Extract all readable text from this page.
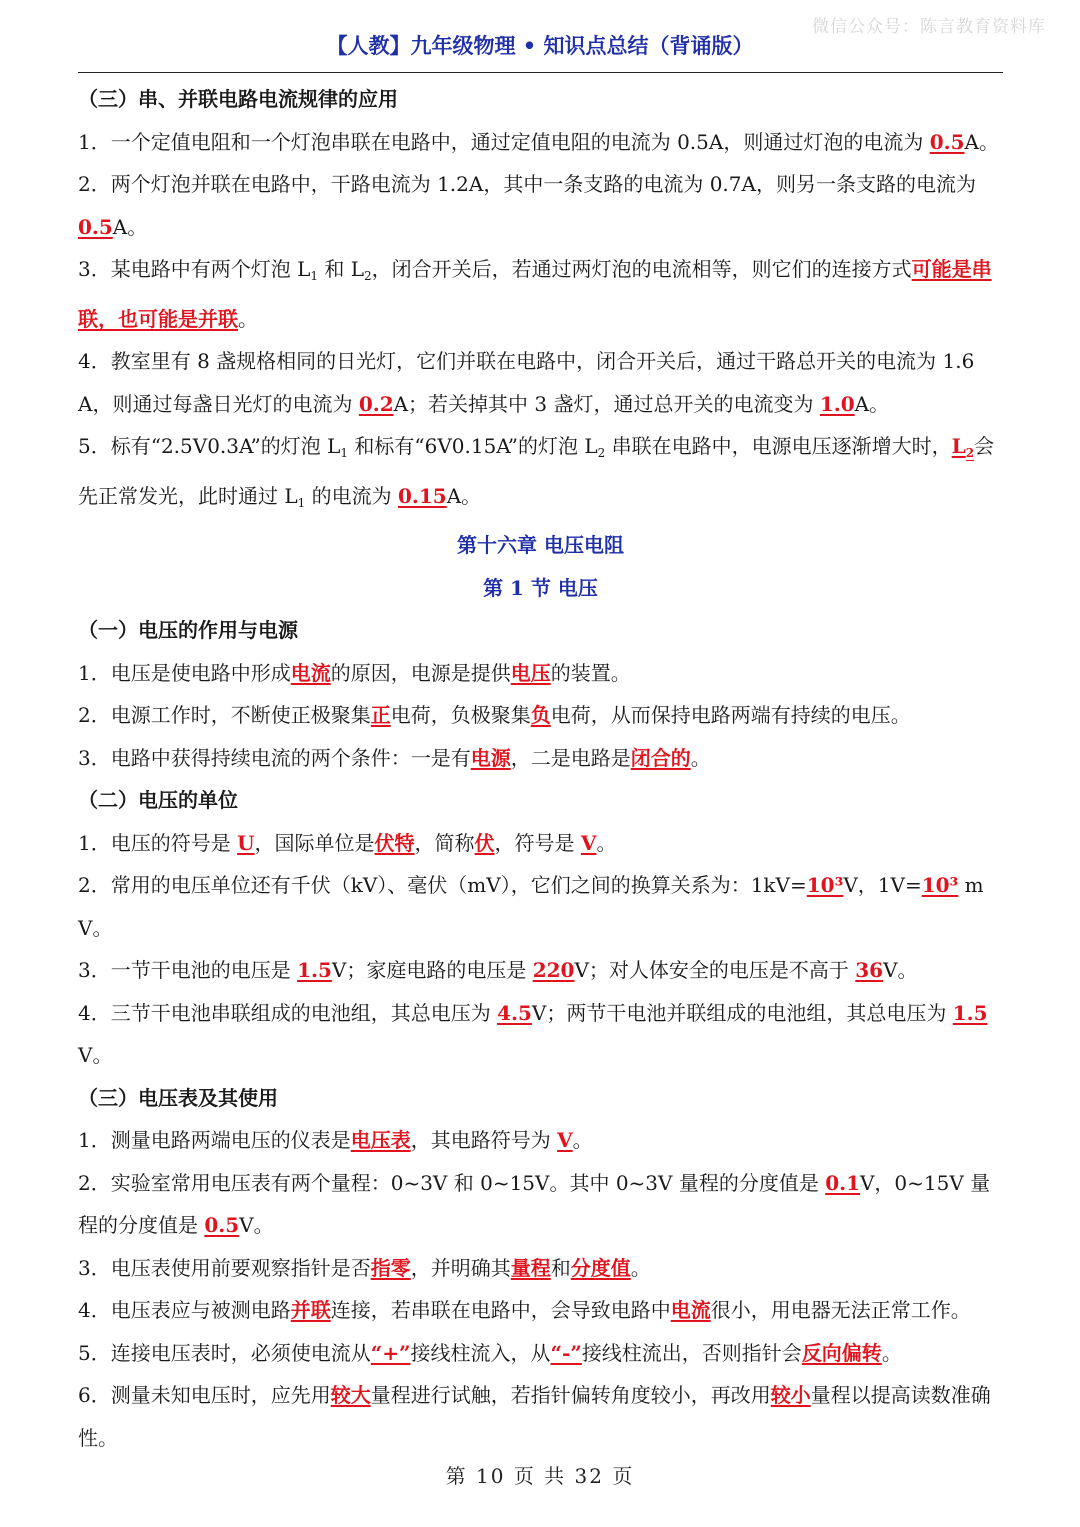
微信公众号：陈言教育资料库
【人教】九年级物理 • 知识点总结（背诵版）
（三）串、并联电路电流规律的应用
1．一个定值电阻和一个灯泡串联在电路中，通过定值电阻的电流为 0.5A，则通过灯泡的电流为 0.5A。
2．两个灯泡并联在电路中，干路电流为 1.2A，其中一条支路的电流为 0.7A，则另一条支路的电流为 0.5A。
3．某电路中有两个灯泡 $L_1$ 和 $L_2$，闭合开关后，若通过两灯泡的电流相等，则它们的连接方式可能是串联，也可能是并联。
4．教室里有 8 盏规格相同的日光灯，它们并联在电路中，闭合开关后，通过干路总开关的电流为 1.6A，则通过每盏日光灯的电流为 0.2A；若关掉其中 3 盏灯，通过总开关的电流变为 1.0A。
5．标有“2.5V0.3A”的灯泡 $L_1$ 和标有“6V0.15A”的灯泡 $L_2$ 串联在电路中，电源电压逐渐增大时，$L_2$会先正常发光，此时通过 $L_1$ 的电流为 0.15A。
第十六章 电压电阻
第 1 节 电压
（一）电压的作用与电源
1．电压是使电路中形成电流的原因，电源是提供电压的装置。
2．电源工作时，不断使正极聚集正电荷，负极聚集负电荷，从而保持电路两端有持续的电压。
3．电路中获得持续电流的两个条件：一是有电源，二是电路是闭合的。
（二）电压的单位
1．电压的符号是 U，国际单位是伏特，简称伏，符号是 V。
2．常用的电压单位还有千伏（kV）、毫伏（mV），它们之间的换算关系为：1kV=10³V，1V=10³ mV。
3．一节干电池的电压是 1.5V；家庭电路的电压是 220V；对人体安全的电压是不高于 36V。
4．三节干电池串联组成的电池组，其总电压为 4.5V；两节干电池并联组成的电池组，其总电压为 1.5V。
（三）电压表及其使用
1．测量电路两端电压的仪表是电压表，其电路符号为 V。
2．实验室常用电压表有两个量程：0~3V 和 0~15V。其中 0~3V 量程的分度值是 0.1V，0~15V 量程的分度值是 0.5V。
3．电压表使用前要观察指针是否指零，并明确其量程和分度值。
4．电压表应与被测电路并联连接，若串联在电路中，会导致电路中电流很小，用电器无法正常工作。
5．连接电压表时，必须使电流从“+”接线柱流入，从“-”接线柱流出，否则指针会反向偏转。
6．测量未知电压时，应先用较大量程进行试触，若指针偏转角度较小，再改用较小量程以提高读数准确性。
第 10 页 共 32 页
